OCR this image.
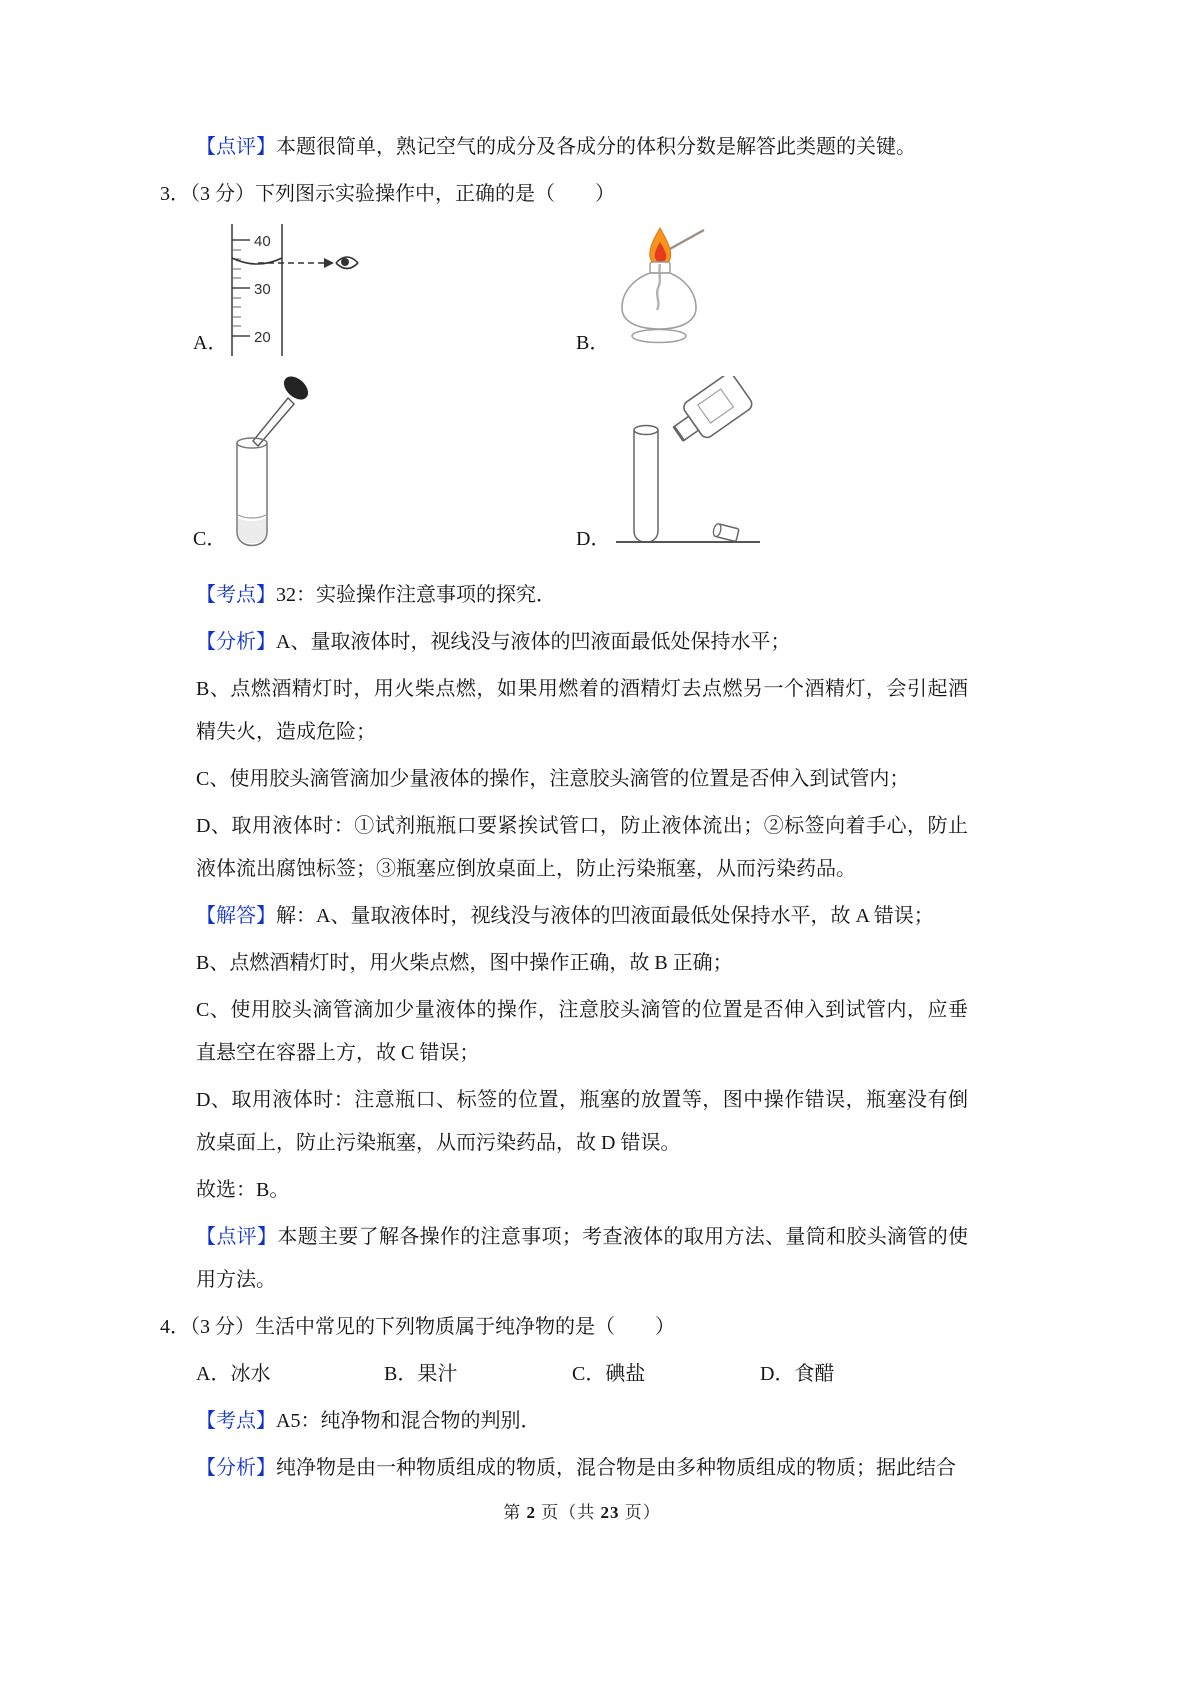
【点评】本题很简单，熟记空气的成分及各成分的体积分数是解答此类题的关键。

3．（3 分）下列图示实验操作中，正确的是（　　）

40
30
20
A．	B．
C．	D．

【考点】32：实验操作注意事项的探究．

【分析】A、量取液体时，视线没与液体的凹液面最低处保持水平；

B、点燃酒精灯时，用火柴点燃，如果用燃着的酒精灯去点燃另一个酒精灯，会引起酒精失火，造成危险；

C、使用胶头滴管滴加少量液体的操作，注意胶头滴管的位置是否伸入到试管内；

D、取用液体时：①试剂瓶瓶口要紧挨试管口，防止液体流出；②标签向着手心，防止液体流出腐蚀标签；③瓶塞应倒放桌面上，防止污染瓶塞，从而污染药品。

【解答】解：A、量取液体时，视线没与液体的凹液面最低处保持水平，故 A 错误；

B、点燃酒精灯时，用火柴点燃，图中操作正确，故 B 正确；

C、使用胶头滴管滴加少量液体的操作，注意胶头滴管的位置是否伸入到试管内，应垂直悬空在容器上方，故 C 错误；

D、取用液体时：注意瓶口、标签的位置，瓶塞的放置等，图中操作错误，瓶塞没有倒放桌面上，防止污染瓶塞，从而污染药品，故 D 错误。

故选：B。

【点评】本题主要了解各操作的注意事项；考查液体的取用方法、量筒和胶头滴管的使用方法。

4．（3 分）生活中常见的下列物质属于纯净物的是（　　）

A．冰水	B．果汁	C．碘盐	D．食醋

【考点】A5：纯净物和混合物的判别．

【分析】纯净物是由一种物质组成的物质，混合物是由多种物质组成的物质；据此结合

第 2 页（共 23 页）
